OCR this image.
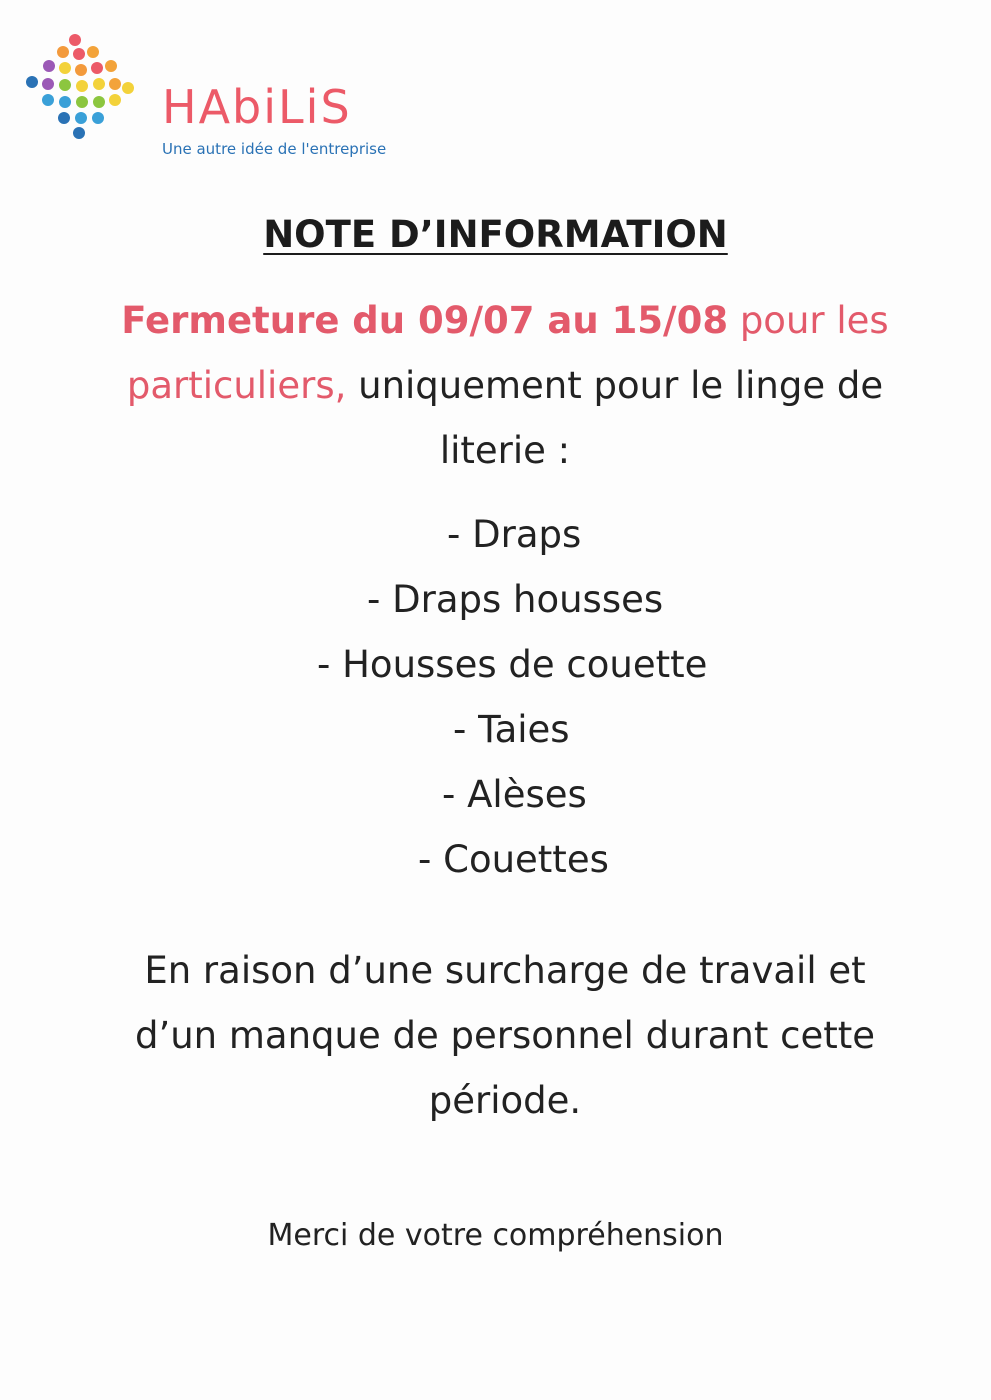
HAbiLiS
Une autre idée de l'entreprise
NOTE D’INFORMATION
Fermeture du 09/07 au 15/08 pour les particuliers, uniquement pour le linge de literie :
- Draps
- Draps housses
- Housses de couette
- Taies
- Alèses
- Couettes
En raison d’une surcharge de travail et d’un manque de personnel durant cette période.
Merci de votre compréhension
